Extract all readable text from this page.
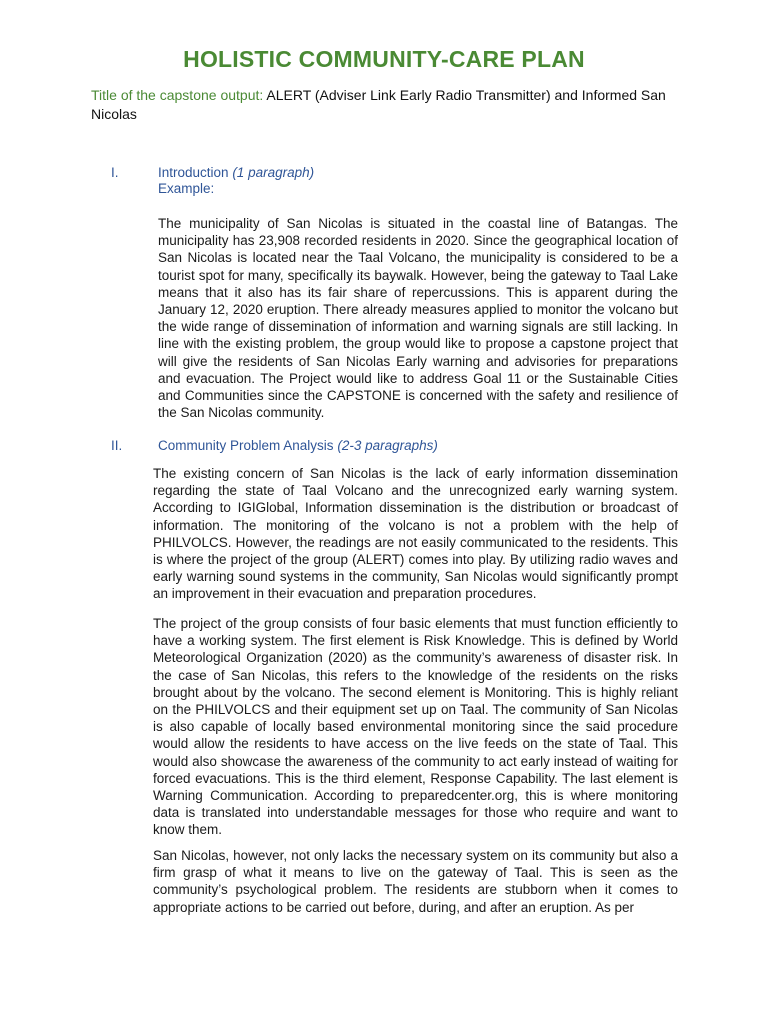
HOLISTIC COMMUNITY-CARE PLAN

Title of the capstone output: ALERT (Adviser Link Early Radio Transmitter) and Informed San Nicolas

I.	Introduction (1 paragraph)

Example:

The municipality of San Nicolas is situated in the coastal line of Batangas. The municipality has 23,908 recorded residents in 2020. Since the geographical location of San Nicolas is located near the Taal Volcano, the municipality is considered to be a tourist spot for many, specifically its baywalk. However, being the gateway to Taal Lake means that it also has its fair share of repercussions. This is apparent during the January 12, 2020 eruption. There already measures applied to monitor the volcano but the wide range of dissemination of information and warning signals are still lacking. In line with the existing problem, the group would like to propose a capstone project that will give the residents of San Nicolas Early warning and advisories for preparations and evacuation. The Project would like to address Goal 11 or the Sustainable Cities and Communities since the CAPSTONE is concerned with the safety and resilience of the San Nicolas community.

II.	Community Problem Analysis (2-3 paragraphs)

The existing concern of San Nicolas is the lack of early information dissemination regarding the state of Taal Volcano and the unrecognized early warning system. According to IGIGlobal, Information dissemination is the distribution or broadcast of information. The monitoring of the volcano is not a problem with the help of PHILVOLCS. However, the readings are not easily communicated to the residents. This is where the project of the group (ALERT) comes into play. By utilizing radio waves and early warning sound systems in the community, San Nicolas would significantly prompt an improvement in their evacuation and preparation procedures.

The project of the group consists of four basic elements that must function efficiently to have a working system. The first element is Risk Knowledge. This is defined by World Meteorological Organization (2020) as the community’s awareness of disaster risk. In the case of San Nicolas, this refers to the knowledge of the residents on the risks brought about by the volcano. The second element is Monitoring. This is highly reliant on the PHILVOLCS and their equipment set up on Taal. The community of San Nicolas is also capable of locally based environmental monitoring since the said procedure would allow the residents to have access on the live feeds on the state of Taal. This would also showcase the awareness of the community to act early instead of waiting for forced evacuations. This is the third element, Response Capability. The last element is Warning Communication. According to preparedcenter.org, this is where monitoring data is translated into understandable messages for those who require and want to know them.

San Nicolas, however, not only lacks the necessary system on its community but also a firm grasp of what it means to live on the gateway of Taal. This is seen as the community’s psychological problem. The residents are stubborn when it comes to appropriate actions to be carried out before, during, and after an eruption. As per
